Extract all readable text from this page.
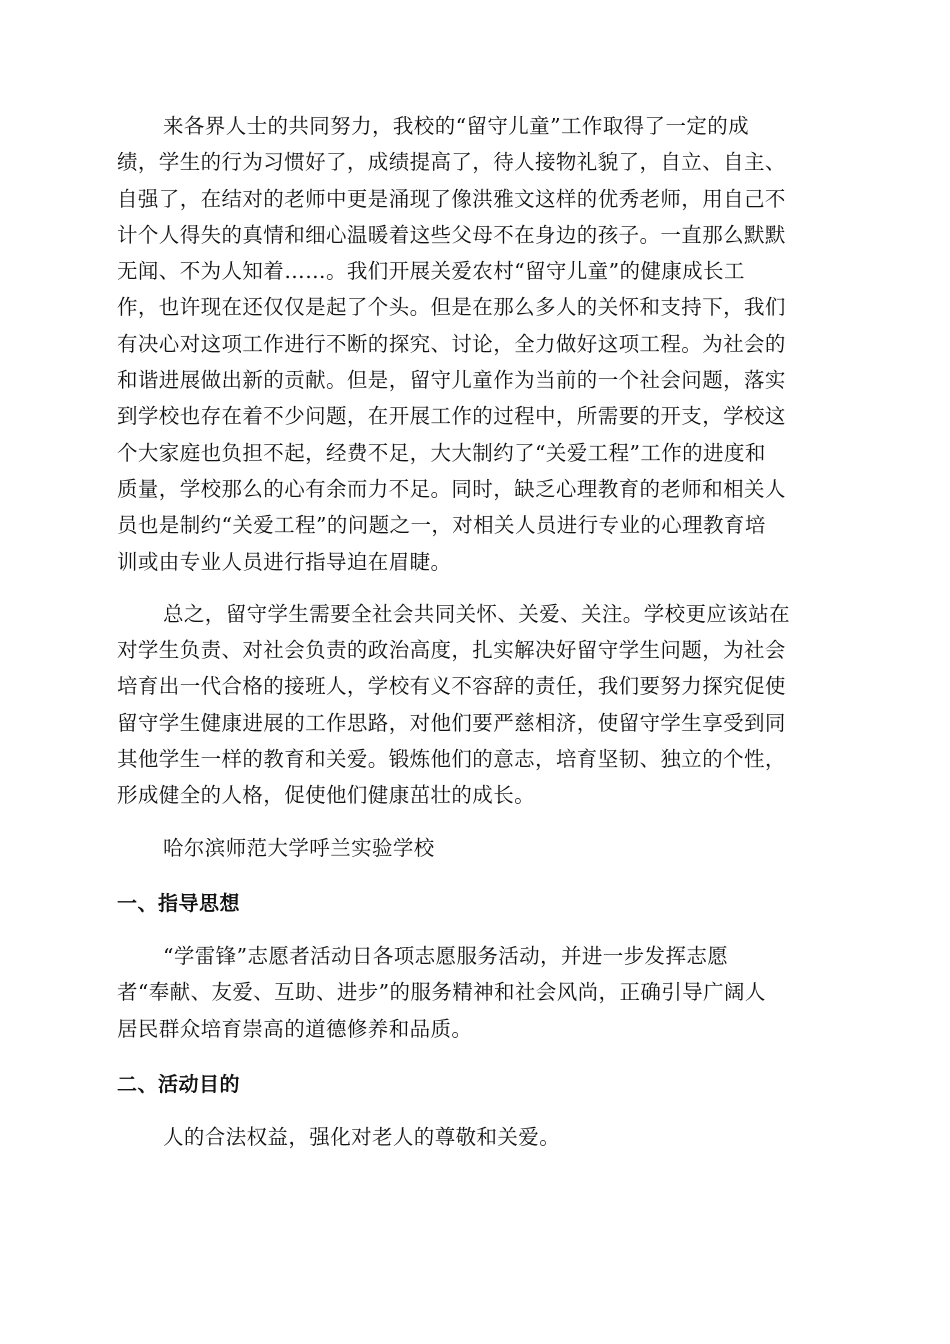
来各界人士的共同努力，我校的“留守儿童”工作取得了一定的成
绩，学生的行为习惯好了，成绩提高了，待人接物礼貌了，自立、自主、
自强了，在结对的老师中更是涌现了像洪雅文这样的优秀老师，用自己不
计个人得失的真情和细心温暖着这些父母不在身边的孩子。一直那么默默
无闻、不为人知着……。我们开展关爱农村“留守儿童”的健康成长工
作，也许现在还仅仅是起了个头。但是在那么多人的关怀和支持下，我们
有决心对这项工作进行不断的探究、讨论，全力做好这项工程。为社会的
和谐进展做出新的贡献。但是，留守儿童作为当前的一个社会问题，落实
到学校也存在着不少问题，在开展工作的过程中，所需要的开支，学校这
个大家庭也负担不起，经费不足，大大制约了“关爱工程”工作的进度和
质量，学校那么的心有余而力不足。同时，缺乏心理教育的老师和相关人
员也是制约“关爱工程”的问题之一，对相关人员进行专业的心理教育培
训或由专业人员进行指导迫在眉睫。
总之，留守学生需要全社会共同关怀、关爱、关注。学校更应该站在
对学生负责、对社会负责的政治高度，扎实解决好留守学生问题，为社会
培育出一代合格的接班人，学校有义不容辞的责任，我们要努力探究促使
留守学生健康进展的工作思路，对他们要严慈相济，使留守学生享受到同
其他学生一样的教育和关爱。锻炼他们的意志，培育坚韧、独立的个性，
形成健全的人格，促使他们健康茁壮的成长。
哈尔滨师范大学呼兰实验学校
一、指导思想
“学雷锋”志愿者活动日各项志愿服务活动，并进一步发挥志愿
者“奉献、友爱、互助、进步”的服务精神和社会风尚，正确引导广阔人
居民群众培育崇高的道德修养和品质。
二、活动目的
人的合法权益，强化对老人的尊敬和关爱。
